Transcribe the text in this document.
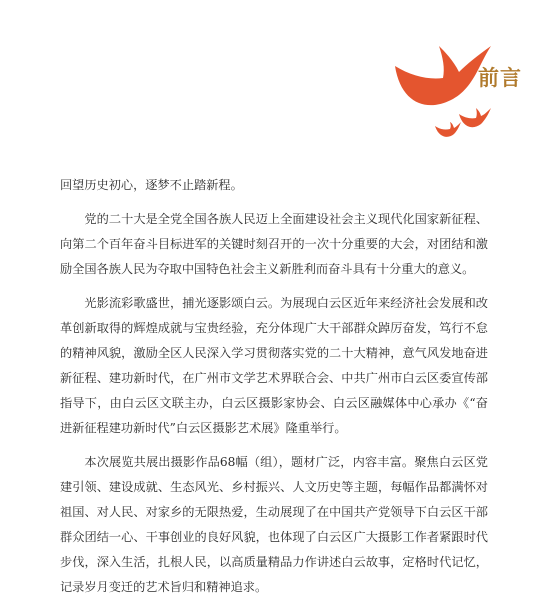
前言

回望历史初心，逐梦不止踏新程。

党的二十大是全党全国各族人民迈上全面建设社会主义现代化国家新征程、向第二个百年奋斗目标进军的关键时刻召开的一次十分重要的大会，对团结和激励全国各族人民为夺取中国特色社会主义新胜利而奋斗具有十分重大的意义。

光影流彩歌盛世，捕光逐影颂白云。为展现白云区近年来经济社会发展和改革创新取得的辉煌成就与宝贵经验，充分体现广大干部群众踔厉奋发，笃行不怠的精神风貌，激励全区人民深入学习贯彻落实党的二十大精神，意气风发地奋进新征程、建功新时代，在广州市文学艺术界联合会、中共广州市白云区委宣传部指导下，由白云区文联主办，白云区摄影家协会、白云区融媒体中心承办《“奋进新征程建功新时代”白云区摄影艺术展》隆重举行。

本次展览共展出摄影作品68幅（组），题材广泛，内容丰富。聚焦白云区党建引领、建设成就、生态风光、乡村振兴、人文历史等主题，每幅作品都满怀对祖国、对人民、对家乡的无限热爱，生动展现了在中国共产党领导下白云区干部群众团结一心、干事创业的良好风貌，也体现了白云区广大摄影工作者紧跟时代步伐，深入生活，扎根人民，以高质量精品力作讲述白云故事，定格时代记忆，记录岁月变迁的艺术旨归和精神追求。
